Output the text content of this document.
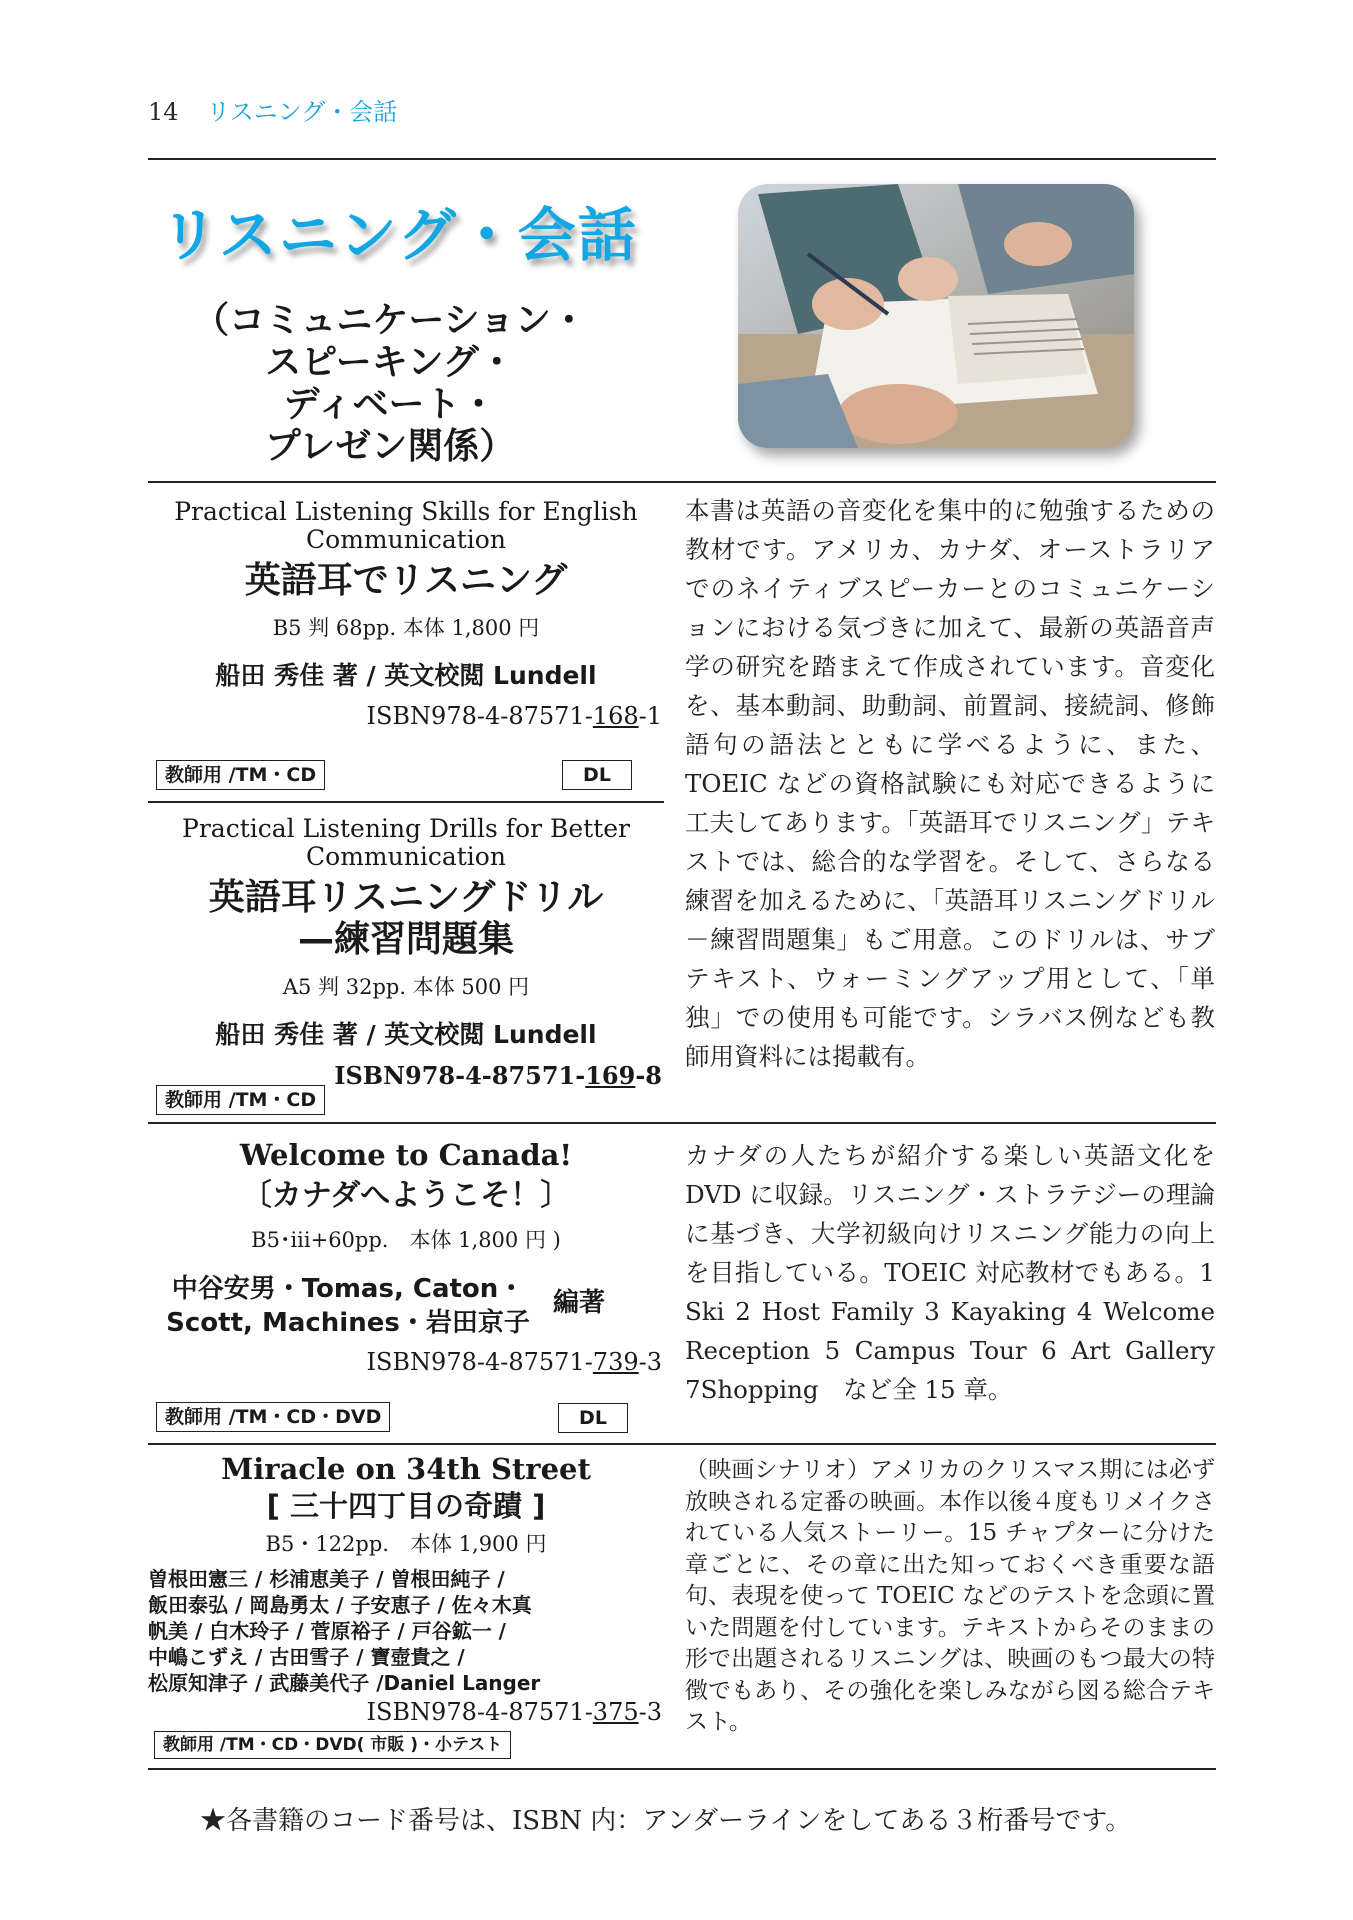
14 リスニング・会話
リスニング・会話
（コミュニケーション・
スピーキング・
ディベート・
プレゼン関係）
Practical Listening Skills for English Communication
英語耳でリスニング
B5 判 68pp. 本体 1,800 円
船田 秀佳 著 / 英文校閲 Lundell
ISBN978-4-87571-168-1
教師用 /TM・CD	DL
本書は英語の音変化を集中的に勉強するための教材です。アメリカ、カナダ、オーストラリアでのネイティブスピーカーとのコミュニケーションにおける気づきに加えて、最新の英語音声学の研究を踏まえて作成されています。音変化を、基本動詞、助動詞、前置詞、接続詞、修飾語句の語法とともに学べるように、また、TOEIC などの資格試験にも対応できるように工夫してあります。「英語耳でリスニング」テキストでは、総合的な学習を。そして、さらなる練習を加えるために、「英語耳リスニングドリル－練習問題集」もご用意。このドリルは、サブテキスト、ウォーミングアップ用として、「単独」での使用も可能です。シラバス例なども教師用資料には掲載有。
Practical Listening Drills for Better Communication
英語耳リスニングドリル
—練習問題集
A5 判 32pp. 本体 500 円
船田 秀佳 著 / 英文校閲 Lundell
ISBN978-4-87571-169-8
教師用 /TM・CD
Welcome to Canada!
〔カナダへようこそ！〕
B5･iii+60pp.　本体 1,800 円 )
中谷安男・Tomas, Caton・
Scott, Machines・岩田京子
編著
ISBN978-4-87571-739-3
教師用 /TM・CD・DVD	DL
カナダの人たちが紹介する楽しい英語文化を DVD に収録。リスニング・ストラテジーの理論に基づき、大学初級向けリスニング能力の向上を目指している。TOEIC 対応教材でもある。1 Ski 2 Host Family 3 Kayaking 4 Welcome Reception 5 Campus Tour 6 Art Gallery 7Shopping　など全 15 章。
Miracle on 34th Street
[ 三十四丁目の奇蹟 ]
B5・122pp.　本体 1,900 円
曽根田憲三 / 杉浦恵美子 / 曽根田純子 /
飯田泰弘 / 岡島勇太 / 子安恵子 / 佐々木真
帆美 / 白木玲子 / 菅原裕子 / 戸谷鉱一 /
中嶋こずえ / 古田雪子 / 寶壺貴之 /
松原知津子 / 武藤美代子 /Daniel Langer
ISBN978-4-87571-375-3
教師用 /TM・CD・DVD( 市販 )・小テスト
（映画シナリオ）アメリカのクリスマス期には必ず放映される定番の映画。本作以後４度もリメイクされている人気ストーリー。15 チャプターに分けた章ごとに、その章に出た知っておくべき重要な語句、表現を使って TOEIC などのテストを念頭に置いた問題を付しています。テキストからそのままの形で出題されるリスニングは、映画のもつ最大の特徴でもあり、その強化を楽しみながら図る総合テキスト。
★各書籍のコード番号は、ISBN 内：アンダーラインをしてある３桁番号です。
